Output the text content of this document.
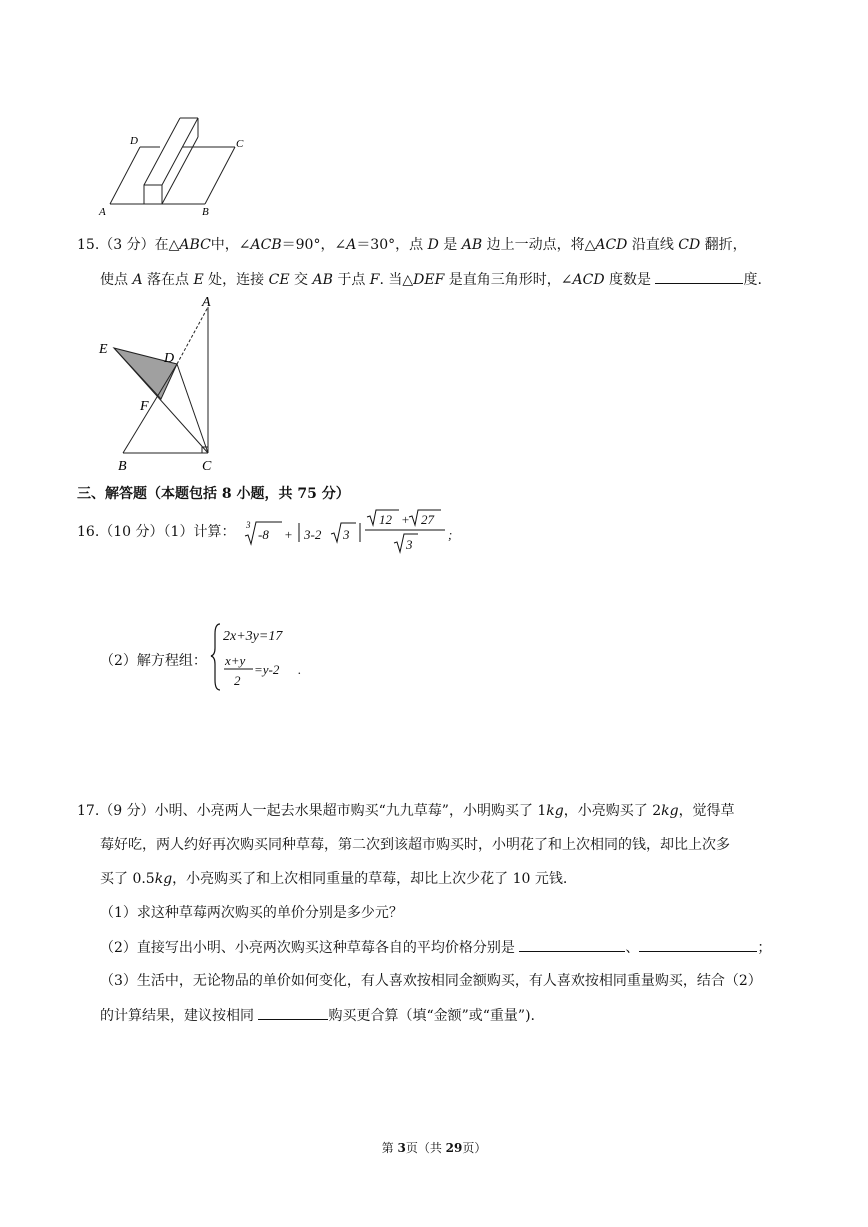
A	B
C
D
15.（3 分）在△ABC中，∠ACB＝90°，∠A＝30°，点 D 是 AB 边上一动点，将△ACD 沿直线 CD 翻折，
使点 A 落在点 E 处，连接 CE 交 AB 于点 F. 当△DEF 是直角三角形时，∠ACD 度数是	度.
A
B	C
D
E
F
三、解答题（本题包括 8 小题，共 75 分）
16.（10 分）（1）计算： 3
-8 + 3-2 3
12 + 27
3
;
（2）解方程组：
2x+3y=17
x+y
2
=y-2 .
17.（9 分）小明、小亮两人一起去水果超市购买“九九草莓”，小明购买了 1kg，小亮购买了 2kg，觉得草
莓好吃，两人约好再次购买同种草莓，第二次到该超市购买时，小明花了和上次相同的钱，却比上次多
买了 0.5kg，小亮购买了和上次相同重量的草莓，却比上次少花了 10 元钱.
（1）求这种草莓两次购买的单价分别是多少元？
（2）直接写出小明、小亮两次购买这种草莓各自的平均价格分别是	、	；
（3）生活中，无论物品的单价如何变化，有人喜欢按相同金额购买，有人喜欢按相同重量购买，结合（2）
的计算结果，建议按相同	购买更合算（填“金额”或“重量”).
第 3页（共 29页）
